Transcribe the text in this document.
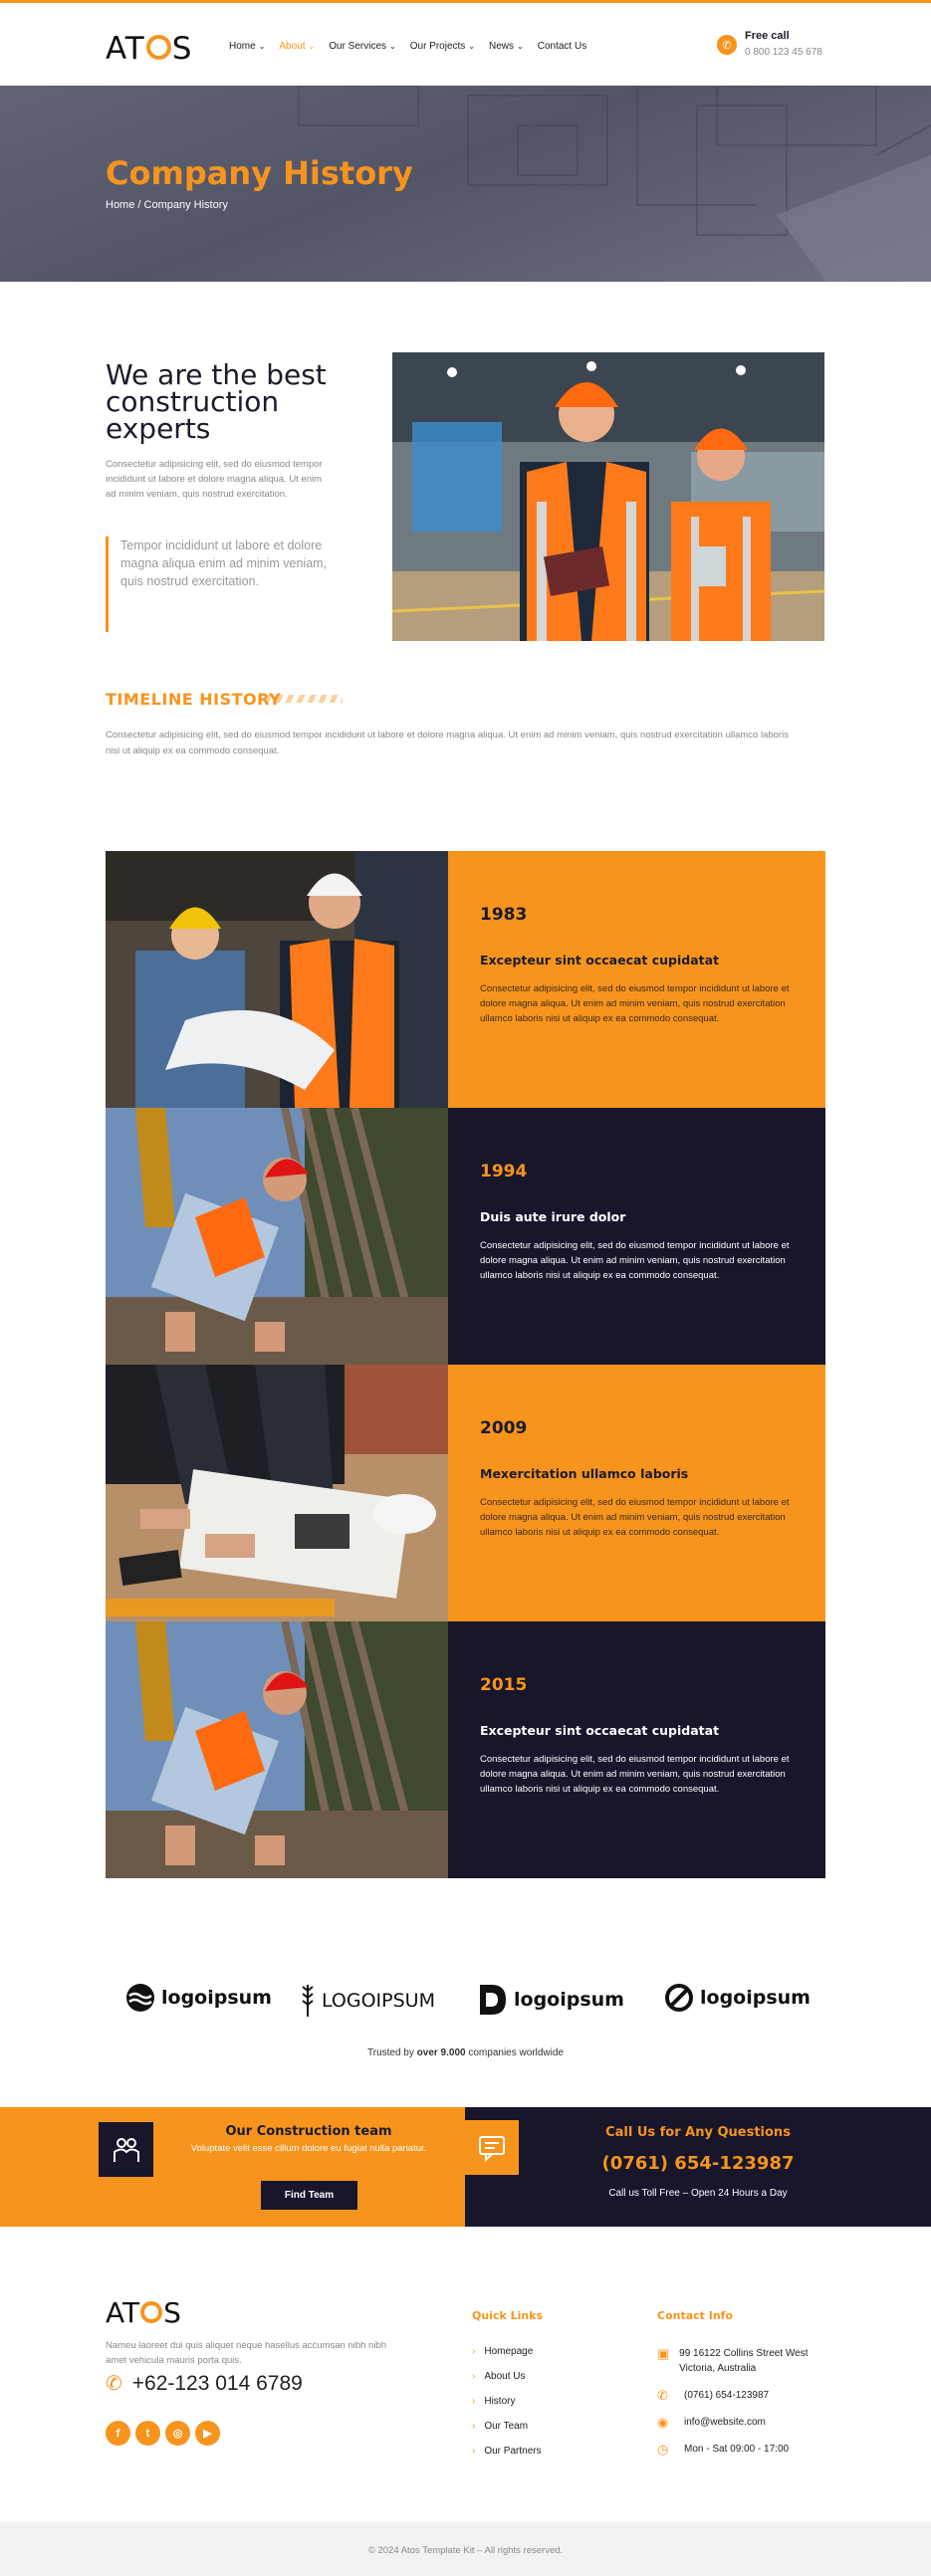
AT S	Home ⌄ About ⌄ Our Services ⌄ Our Projects ⌄ News ⌄ Contact Us	✆
Free call
0 800 123 45 678
Company History

Home / Company History

We are the best construction experts

Consectetur adipisicing elit, sed do eiusmod tempor incididunt ut labore et dolore magna aliqua. Ut enim ad minim veniam, quis nostrud exercitation.

Tempor incididunt ut labore et dolore magna aliqua enim ad minim veniam, quis nostrud exercitation.
TIMELINE HISTORY

Consectetur adipisicing elit, sed do eiusmod tempor incididunt ut labore et dolore magna aliqua. Ut enim ad minim veniam, quis nostrud exercitation ullamco laboris nisi ut aliquip ex ea commodo consequat.

1983
Excepteur sint occaecat cupidatat

Consectetur adipisicing elit, sed do eiusmod tempor incididunt ut labore et dolore magna aliqua. Ut enim ad minim veniam, quis nostrud exercitation ullamco laboris nisi ut aliquip ex ea commodo consequat.

1994
Duis aute irure dolor

Consectetur adipisicing elit, sed do eiusmod tempor incididunt ut labore et dolore magna aliqua. Ut enim ad minim veniam, quis nostrud exercitation ullamco laboris nisi ut aliquip ex ea commodo consequat.

2009
Mexercitation ullamco laboris

Consectetur adipisicing elit, sed do eiusmod tempor incididunt ut labore et dolore magna aliqua. Ut enim ad minim veniam, quis nostrud exercitation ullamco laboris nisi ut aliquip ex ea commodo consequat.

2015
Excepteur sint occaecat cupidatat

Consectetur adipisicing elit, sed do eiusmod tempor incididunt ut labore et dolore magna aliqua. Ut enim ad minim veniam, quis nostrud exercitation ullamco laboris nisi ut aliquip ex ea commodo consequat.

logoipsum	LOGOIPSUM	logoipsum	logoipsum

Trusted by over 9.000 companies worldwide

Our Construction team

Voluptate velit esse cillum dolore eu fugiat nulla pariatur.

Find Team
Call Us for Any Questions
(0761) 654-123987

Call us Toll Free – Open 24 Hours a Day

AT S

Nameu laoreet dui quis aliquet neque hasellus accumsan nibh nibh amet vehicula mauris porta quis.

✆ +62-123 014 6789
f	t	◎	▶
Quick Links
› Homepage
› About Us
› History
› Our Team
› Our Partners
Contact Info
▣ 99 16122 Collins Street West Victoria, Australia
✆	(0761) 654-123987
◉	info@website.com
◷	Mon - Sat 09:00 - 17:00
© 2024 Atos Template Kit – All rights reserved.
